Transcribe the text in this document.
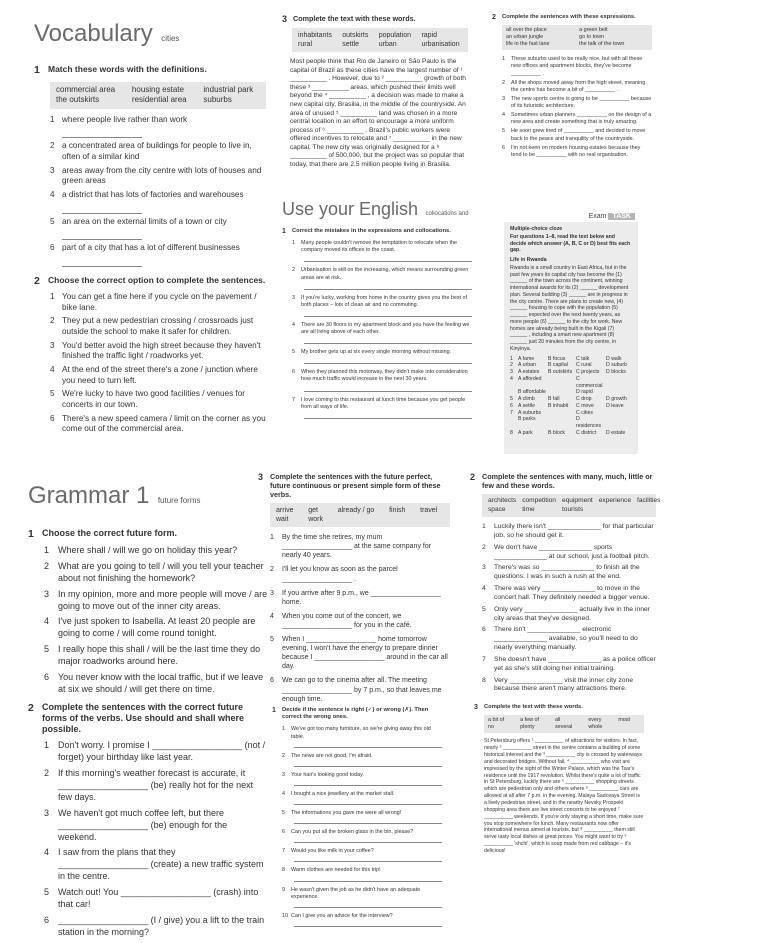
Vocabulary cities
1 Match these words with the definitions.
commercial area	housing estate	industrial park
the outskirts	residential area	suburbs
1 where people live rather than work
2 a concentrated area of buildings for people to live in, often of a similar kind
3 areas away from the city centre with lots of houses and green areas
4 a district that has lots of factories and warehouses
5 an area on the external limits of a town or city
6 part of a city that has a lot of different businesses
2 Choose the correct option to complete the sentences.
1 You can get a fine here if you cycle on the pavement / bike lane.
2 They put a new pedestrian crossing / crossroads just outside the school to make it safer for children.
3 You'd better avoid the high street because they haven't finished the traffic light / roadworks yet.
4 At the end of the street there's a zone / junction where you need to turn left.
5 We're lucky to have two good facilities / venues for concerts in our town.
6 There's a new speed camera / limit on the corner as you come out of the commercial area.
3 Complete the text with these words.
inhabitants	outskirts	population	rapid
rural	settle	urban	urbanisation
Most people think that Rio de Janeiro or São Paulo is the capital of Brazil as these cities have the largest number of ¹ __________ . However, due to ² __________ growth of both these ³ __________ areas, which pushed their limits well beyond the ⁴ __________ , a decision was made to make a new capital city, Brasilia, in the middle of the countryside. An area of unused ⁵ __________ land was chosen in a more central location in an effort to encourage a more uniform process of ⁶ __________ . Brazil's public workers were offered incentives to relocate and ⁷ __________ in the new capital. The new city was originally designed for a ⁸ __________ of 500,000, but the project was so popular that today, that there are 2.5 million people living in Brasilia.
Use your English collocations and
1	Correct the mistakes in the expressions and collocations.
1 Many people couldn't remove the temptation to relocate when the company moved its offices to the coast.
2 Urbanisation is still on the increasing, which means surrounding green areas are at risk.
3 If you're lucky, working from home in the country gives you the best of both places – lots of clean air and no commuting.
4 There are 30 floors in my apartment block and you have the feeling we are all living above of each other.
5 My brother gets up at six every single morning without missing.
6 When they planned this motorway, they didn't make into consideration how much traffic would increase in the next 30 years.
7 I love coming to this restaurant at lunch time because you get people from all ways of life.
2	Complete the sentences with these expressions.
all over the place	a green belt
an urban jungle	go to town
life in the fast lane	the talk of the town
1 These suburbs used to be really nice, but with all these new offices and apartment blocks, they've become __________ .
2 All the shops moved away from the high street, meaning the centre has become a bit of __________ .
3 The new sports centre is going to be __________ because of its futuristic architecture.
4 Sometimes urban planners __________ on the design of a new area and create something that is truly amazing.
5 He soon grew tired of __________ and decided to move back to the peace and tranquility of the countryside.
6 I'm not keen on modern housing estates because they tend to be __________ with no real organisation.
Exam TASK
Multiple-choice cloze
For questions 1–8, read the text below and decide which answer (A, B, C or D) best fits each gap.
Life in Rwanda
Rwanda is a small country in East Africa, but in the past few years its capital city has become the (1) ______ of the town across the continent, winning international awards for its (2) ______ development plan. Several building (3) ______ are in progress in the city centre. There are plans to create new, (4) ______ housing to cope with the population (5) ______ expected over the next twenty years, as more people (6) ______ to the city for work. New homes are already being built in the Kigali (7) ______ , including a smart new apartment (8) ______ just 20 minutes from the city centre, in Kinyinya.
1 A fame	B focus	C talk	D walk
2 A urban	B capital	C rural	D suburb
3 A estates	B outskirts C projects	D blocks
4 A afforded	C commercial
B affordable	D rapid
5 A climb	B fall	C drop	D growth
6 A settle	B inhabit	C move	D leave
7 A suburbs	C cities
B parks	D residences
8 A park	B block	C district	D estate
Grammar 1 future forms
1 Choose the correct future form.
1 Where shall / will we go on holiday this year?
2 What are you going to tell / will you tell your teacher about not finishing the homework?
3 In my opinion, more and more people will move / are going to move out of the inner city areas.
4 I've just spoken to Isabella. At least 20 people are going to come / will come round tonight.
5 I really hope this shall / will be the last time they do major roadworks around here.
6 You never know with the local traffic, but if we leave at six we should / will get there on time.
2 Complete the sentences with the correct future forms of the verbs. Use should and shall where possible.
1 Don't worry. I promise I __________________ (not / forget) your birthday like last year.
2 If this morning's weather forecast is accurate, it __________________ (be) really hot for the next few days.
3 We haven't got much coffee left, but there __________________ (be) enough for the weekend.
4 I saw from the plans that they __________________ (create) a new traffic system in the centre.
5 Watch out! You __________________ (crash) into that car!
6 __________________ (I / give) you a lift to the train station in the morning?
3 Complete the sentences with the future perfect, future continuous or present simple form of these verbs.
arrive	get	already / go	finish	travel
wait	work
1 By the time she retires, my mum __________________ at the same company for nearly 40 years.
2 I'll let you know as soon as the parcel __________________ .
3 If you arrive after 9 p.m., we __________________ home.
4 When you come out of the concert, we __________________ for you in the café.
5 When I __________________ home tomorrow evening, I won't have the energy to prepare dinner because I __________________ around in the car all day.
6 We can go to the cinema after all. The meeting __________________ by 7 p.m., so that leaves me enough time.
1	Decide if the sentence is right (✓) or wrong (✗). Then correct the wrong ones.
1 We've got too many furniture, so we're giving away this old table.
2 The news are not good, I'm afraid.
3 Your hair's looking good today.
4 I bought a nice jewellery at the market stall.
5 The informations you gave me were all wrong!
6 Can you put all the broken glass in the bin, please?
7 Would you like milk in your coffee?
8 Warm clothes are needed for this trip!
9 He wasn't given the job as he didn't have an adequate experience.
10 Can I give you an advice for the interview?
2 Complete the sentences with many, much, little or few and these words.
architects competition equipment experience facilities
space	time	tourists
1 Luckily there isn't ______________ for that particular job, so he should get it.
2 We don't have ______________ sports ______________ at our school, just a football pitch.
3 There's was so ______________ to finish all the questions. I was in such a rush at the end.
4 There was very ______________ to move in the concert hall. They definitely needed a bigger venue.
5 Only very ______________ actually live in the inner city areas that they've designed.
6 There isn't ______________ electronic ______________ available, so you'll need to do nearly everything manually.
7 She doesn't have ______________ as a police officer yet as she's still doing her initial training.
8 Very ______________ visit the inner city zone because there aren't many attractions there.
3	Complete the text with these words.
a bit of	a few of	all	every	most
no	plenty	several	whole
St Petersburg offers ¹ __________ of attractions for visitors. In fact, nearly ² __________ street in the centre contains a building of some historical interest and the ³ __________ city is crossed by waterways and decorated bridges. Without fail, ⁴ __________ who visit are impressed by the sight of the Winter Palace, which was the Tsar's residence until the 1917 revolution. Whilst there's quite a lot of traffic in St Petersburg, luckily there are ⁵ __________ shopping streets which are pedestrian only and others where ⁶ __________ cars are allowed at all after 7 p.m. in the evening. Malaya Sadovaya Street is a lively pedestrian street, and in the nearby Nevsky Prospekt shopping area there are live street concerts to be enjoyed ⁷ __________ weekends. If you're only staying a short time, make sure you stop somewhere for lunch. Many restaurants now offer international menus aimed at tourists, but ⁸ __________ them still serve tasty local dishes at great prices. You might want to try ⁹ __________ 'shchi', which is soup made from red cabbage – it's delicious!
